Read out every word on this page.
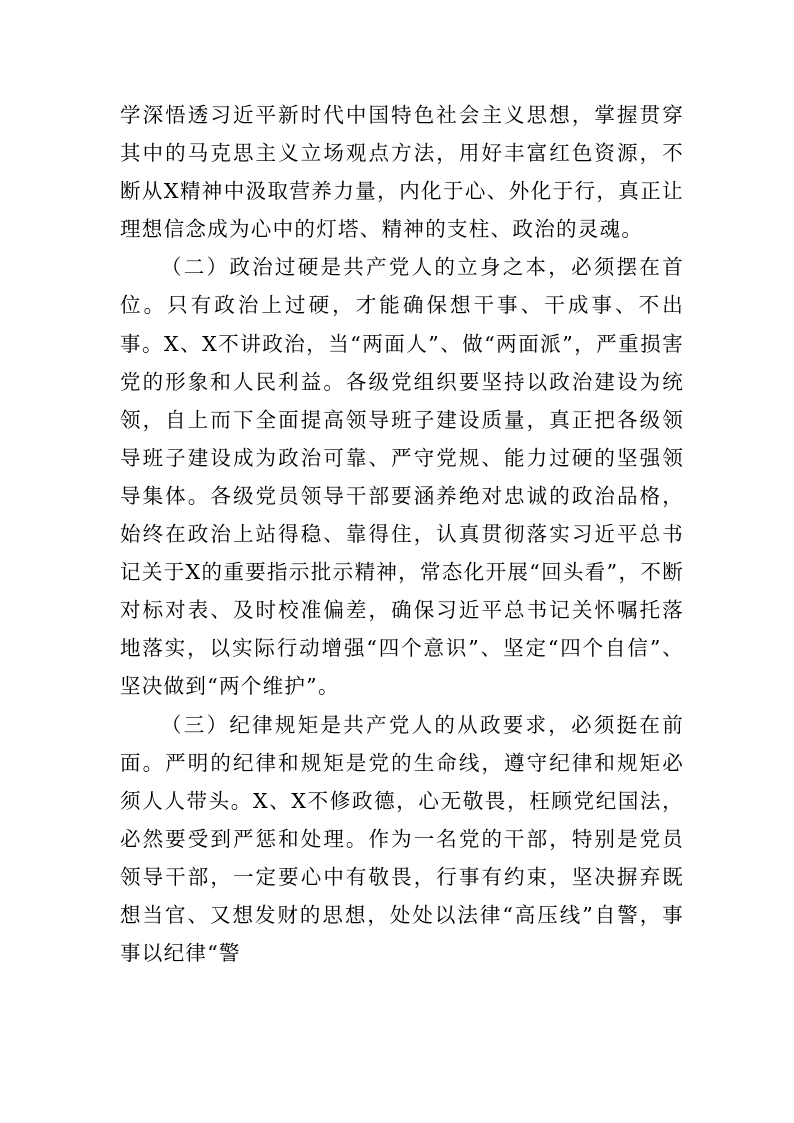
学深悟透习近平新时代中国特色社会主义思想，掌握贯穿其中的马克思主义立场观点方法，用好丰富红色资源，不断从X精神中汲取营养力量，内化于心、外化于行，真正让理想信念成为心中的灯塔、精神的支柱、政治的灵魂。

（二）政治过硬是共产党人的立身之本，必须摆在首位。只有政治上过硬，才能确保想干事、干成事、不出事。X、X不讲政治，当“两面人”、做“两面派”，严重损害党的形象和人民利益。各级党组织要坚持以政治建设为统领，自上而下全面提高领导班子建设质量，真正把各级领导班子建设成为政治可靠、严守党规、能力过硬的坚强领导集体。各级党员领导干部要涵养绝对忠诚的政治品格，始终在政治上站得稳、靠得住，认真贯彻落实习近平总书记关于X的重要指示批示精神，常态化开展“回头看”，不断对标对表、及时校准偏差，确保习近平总书记关怀嘱托落地落实，以实际行动增强“四个意识”、坚定“四个自信”、坚决做到“两个维护”。

（三）纪律规矩是共产党人的从政要求，必须挺在前面。严明的纪律和规矩是党的生命线，遵守纪律和规矩必须人人带头。X、X不修政德，心无敬畏，枉顾党纪国法，必然要受到严惩和处理。作为一名党的干部，特别是党员领导干部，一定要心中有敬畏，行事有约束，坚决摒弃既想当官、又想发财的思想，处处以法律“高压线”自警，事事以纪律“警
